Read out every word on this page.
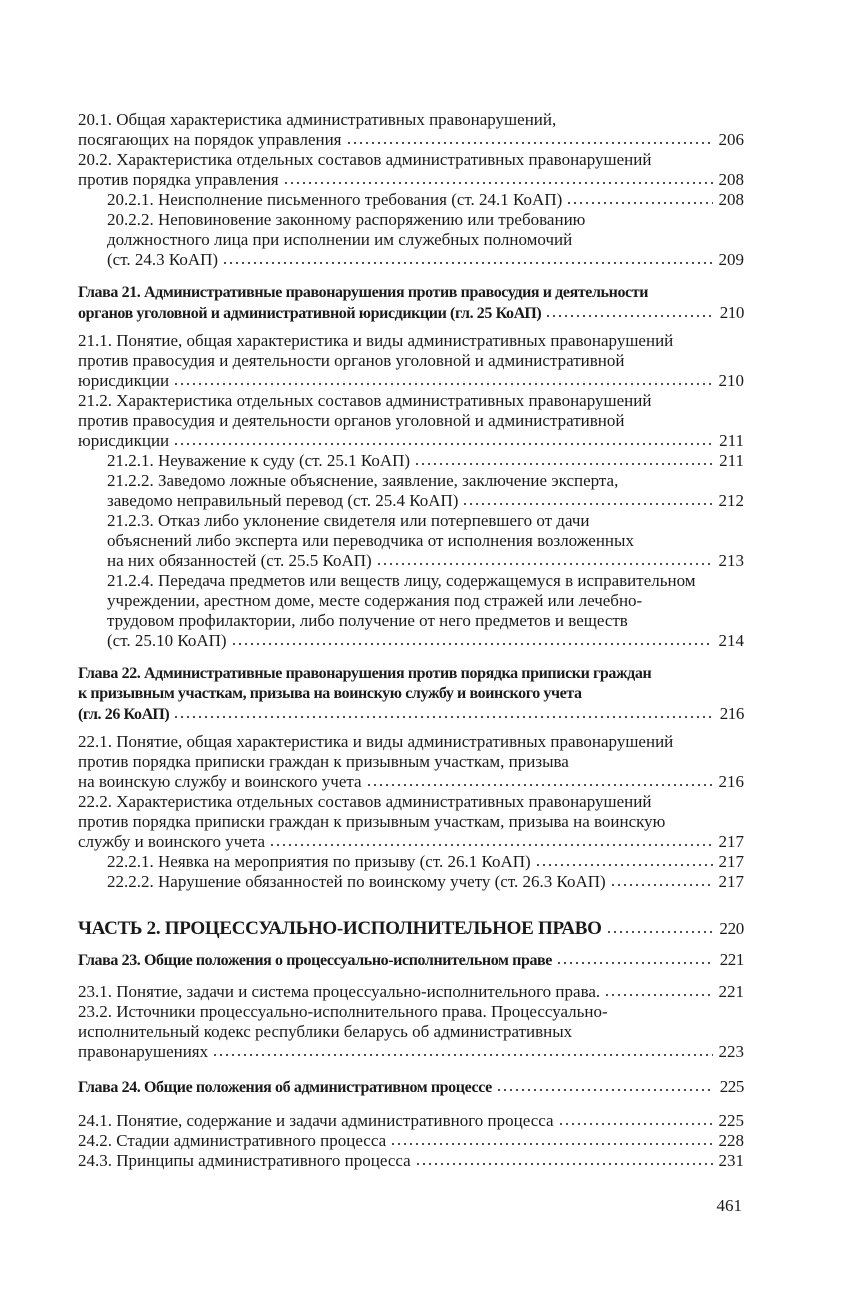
20.1. Общая характеристика административных правонарушений,
посягающих на порядок управления	206
20.2. Характеристика отдельных составов административных правонарушений
против порядка управления	208
20.2.1. Неисполнение письменного требования (ст. 24.1 КоАП)	208
20.2.2. Неповиновение законному распоряжению или требованию
должностного лица при исполнении им служебных полномочий
(ст. 24.3 КоАП)	209
Глава 21. Административные правонарушения против правосудия и деятельности
органов уголовной и административной юрисдикции (гл. 25 КоАП)	210
21.1. Понятие, общая характеристика и виды административных правонарушений
против правосудия и деятельности органов уголовной и административной
юрисдикции	210
21.2. Характеристика отдельных составов административных правонарушений
против правосудия и деятельности органов уголовной и административной
юрисдикции	211
21.2.1. Неуважение к суду (ст. 25.1 КоАП)	211
21.2.2. Заведомо ложные объяснение, заявление, заключение эксперта,
заведомо неправильный перевод (ст. 25.4 КоАП)	212
21.2.3. Отказ либо уклонение свидетеля или потерпевшего от дачи
объяснений либо эксперта или переводчика от исполнения возложенных
на них обязанностей (ст. 25.5 КоАП)	213
21.2.4. Передача предметов или веществ лицу, содержащемуся в исправительном
учреждении, арестном доме, месте содержания под стражей или лечебно-
трудовом профилактории, либо получение от него предметов и веществ
(ст. 25.10 КоАП)	214
Глава 22. Административные правонарушения против порядка приписки граждан
к призывным участкам, призыва на воинскую службу и воинского учета
(гл. 26 КоАП)	216
22.1. Понятие, общая характеристика и виды административных правонарушений
против порядка приписки граждан к призывным участкам, призыва
на воинскую службу и воинского учета	216
22.2. Характеристика отдельных составов административных правонарушений
против порядка приписки граждан к призывным участкам, призыва на воинскую
службу и воинского учета	217
22.2.1. Неявка на мероприятия по призыву (ст. 26.1 КоАП)	217
22.2.2. Нарушение обязанностей по воинскому учету (ст. 26.3 КоАП)	217
ЧАСТЬ 2. ПРОЦЕССУАЛЬНО-ИСПОЛНИТЕЛЬНОЕ ПРАВО	220
Глава 23. Общие положения о процессуально-исполнительном праве	221
23.1. Понятие, задачи и система процессуально-исполнительного права.	221
23.2. Источники процессуально-исполнительного права. Процессуально-
исполнительный кодекс республики беларусь об административных
правонарушениях	223
Глава 24. Общие положения об административном процессе	225
24.1. Понятие, содержание и задачи административного процесса	225
24.2. Стадии административного процесса	228
24.3. Принципы административного процесса	231
461
